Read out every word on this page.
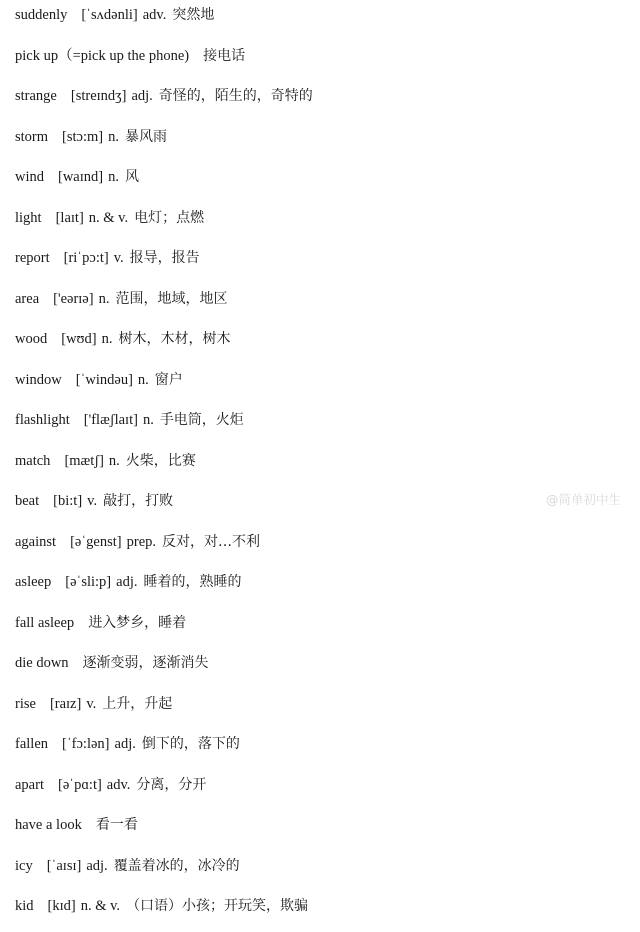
suddenly [ˈsʌdənli] adv. 突然地
pick up（=pick up the phone) 接电话
strange [streɪndʒ] adj. 奇怪的，陌生的，奇特的
storm [stɔ:m] n. 暴风雨
wind [waɪnd] n. 风
light [laɪt] n. & v. 电灯；点燃
report [riˈpɔ:t] v. 报导，报告
area ['eərɪə] n. 范围，地域，地区
wood [wʊd] n. 树木，木材，树木
window [ˈwindəu] n. 窗户
flashlight ['flæʃlaɪt] n. 手电筒，火炬
match [mætʃ] n. 火柴，比赛
beat [bi:t] v. 敲打，打败
against [əˈgenst] prep. 反对，对…不利
asleep [əˈsli:p] adj. 睡着的，熟睡的
fall asleep 进入梦乡，睡着
die down 逐渐变弱，逐渐消失
rise [raɪz] v. 上升，升起
fallen [ˈfɔ:lən] adj. 倒下的，落下的
apart [əˈpɑ:t] adv. 分离，分开
have a look 看一看
icy [ˈaɪsɪ] adj. 覆盖着冰的，冰冷的
kid [kɪd] n. & v. （口语）小孩；开玩笑，欺骗
@简单初中生
